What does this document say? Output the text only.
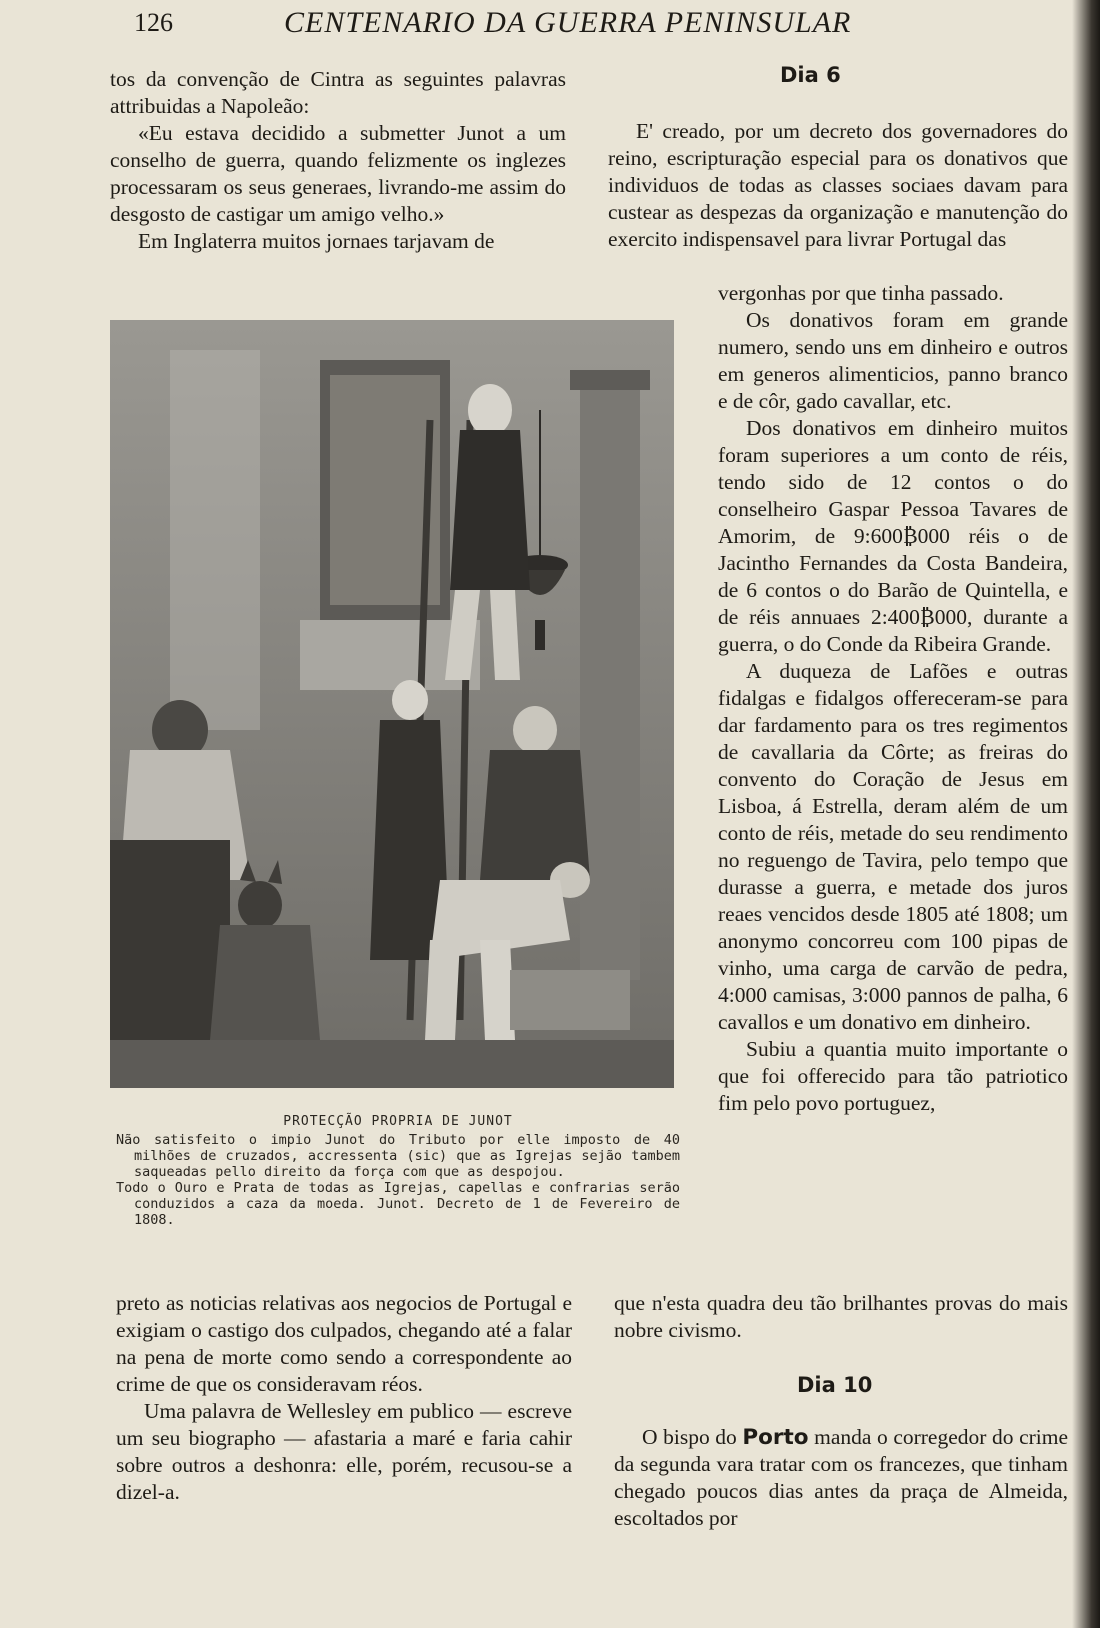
126	CENTENARIO DA GUERRA PENINSULAR

tos da convenção de Cintra as seguintes palavras attribuidas a Napoleão:

«Eu estava decidido a submetter Junot a um conselho de guerra, quando felizmente os inglezes processaram os seus generaes, livrando-me assim do desgosto de castigar um amigo velho.»

Em Inglaterra muitos jornaes tarjavam de

PROTECÇÃO PROPRIA DE JUNOT

Não satisfeito o impio Junot do Tributo por elle imposto de 40 milhões de cruzados, accressenta (sic) que as Igrejas sejão tambem saqueadas pello direito da força com que as despojou.

Todo o Ouro e Prata de todas as Igrejas, capellas e confrarias serão conduzidos a caza da moeda. Junot. Decreto de 1 de Fevereiro de 1808.

preto as noticias relativas aos negocios de Portugal e exigiam o castigo dos culpados, chegando até a falar na pena de morte como sendo a correspondente ao crime de que os consideravam réos.

Uma palavra de Wellesley em publico — escreve um seu biographo — afastaria a maré e faria cahir sobre outros a deshonra: elle, porém, recusou-se a dizel-a.

Dia 6

E' creado, por um decreto dos governadores do reino, escripturação especial para os donativos que individuos de todas as classes sociaes davam para custear as despezas da organização e manutenção do exercito indispensavel para livrar Portugal das

vergonhas por que tinha passado.

Os donativos foram em grande numero, sendo uns em dinheiro e outros em generos alimenticios, panno branco e de côr, gado cavallar, etc.

Dos donativos em dinheiro muitos foram superiores a um conto de réis, tendo sido de 12 contos o do conselheiro Gaspar Pessoa Tavares de Amorim, de 9:600₿000 réis o de Jacintho Fernandes da Costa Bandeira, de 6 contos o do Barão de Quintella, e de réis annuaes 2:400₿000, durante a guerra, o do Conde da Ribeira Grande.

A duqueza de Lafões e outras fidalgas e fidalgos offereceram-se para dar fardamento para os tres regimentos de cavallaria da Côrte; as freiras do convento do Coração de Jesus em Lisboa, á Estrella, deram além de um conto de réis, metade do seu rendimento no reguengo de Tavira, pelo tempo que durasse a guerra, e metade dos juros reaes vencidos desde 1805 até 1808; um anonymo concorreu com 100 pipas de vinho, uma carga de carvão de pedra, 4:000 camisas, 3:000 pannos de palha, 6 cavallos e um donativo em dinheiro.

Subiu a quantia muito importante o que foi offerecido para tão patriotico fim pelo povo portuguez,

que n'esta quadra deu tão brilhantes provas do mais nobre civismo.

Dia 10

O bispo do Porto manda o corregedor do crime da segunda vara tratar com os francezes, que tinham chegado poucos dias antes da praça de Almeida, escoltados por
